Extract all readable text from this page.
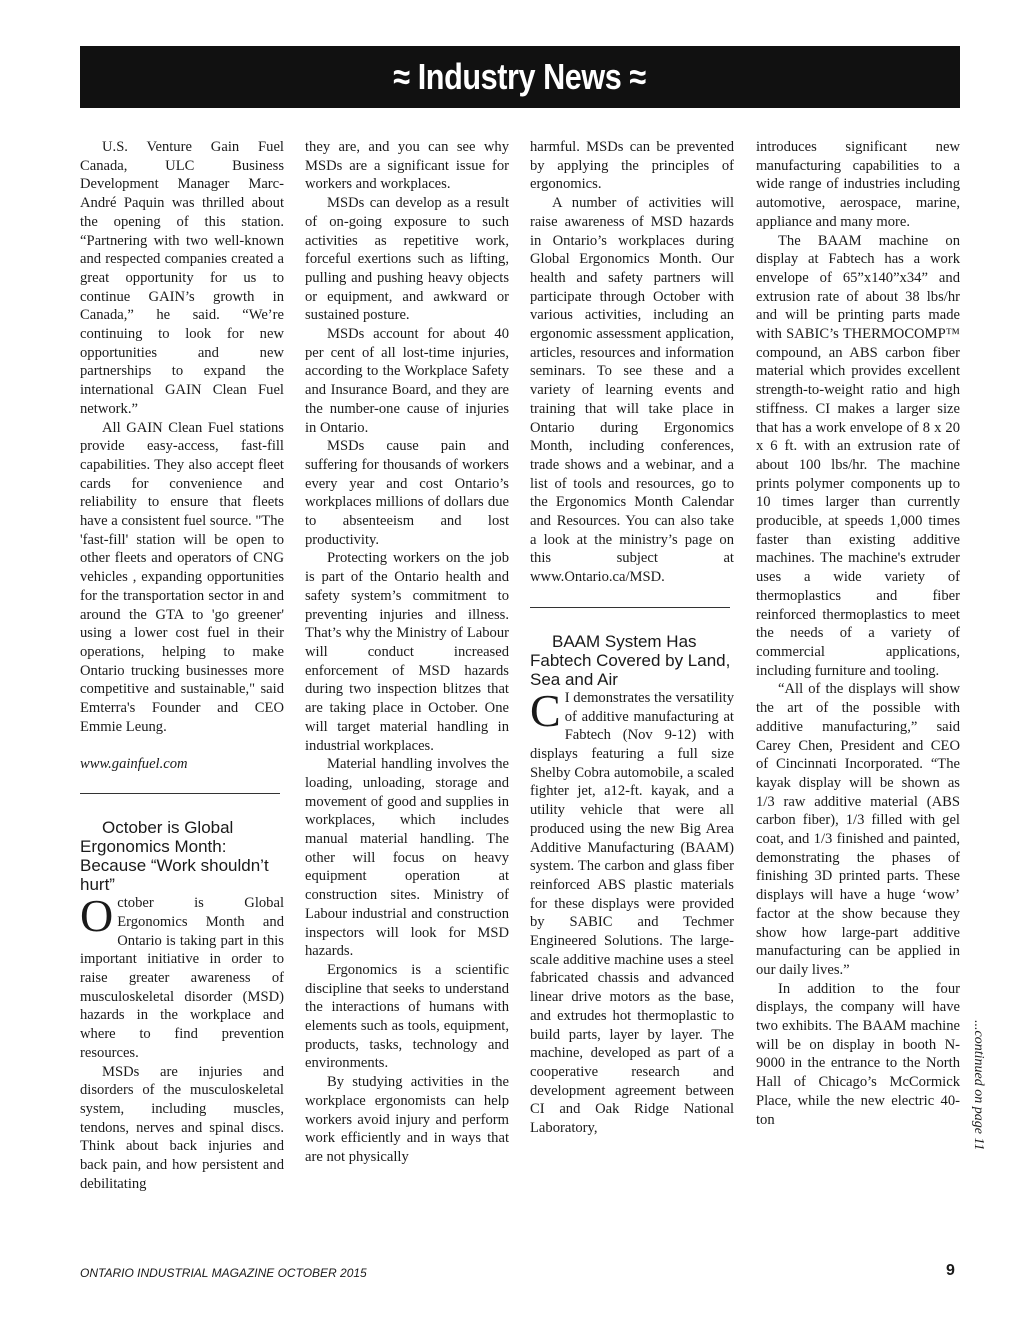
≈ Industry News ≈

U.S. Venture Gain Fuel Canada, ULC Business Development Manager Marc-André Paquin was thrilled about the opening of this station. “Partnering with two well-known and respected companies created a great opportunity for us to continue GAIN’s growth in Canada,” he said. “We’re continuing to look for new opportunities and new partnerships to expand the international GAIN Clean Fuel network.”

All GAIN Clean Fuel stations provide easy-access, fast-fill capabilities. They also accept fleet cards for convenience and reliability to ensure that fleets have a consistent fuel source. "The 'fast-fill' station will be open to other fleets and operators of CNG vehicles , expanding opportunities for the transportation sector in and around the GTA to 'go greener' using a lower cost fuel in their operations, helping to make Ontario trucking businesses more competitive and sustainable," said Emterra's Founder and CEO Emmie Leung.

www.gainfuel.com

October is Global Ergonomics Month: Because “Work shouldn’t hurt”

October is Global Ergonomics Month and Ontario is taking part in this important initiative in order to raise greater awareness of musculoskeletal disorder (MSD) hazards in the workplace and where to find prevention resources.

MSDs are injuries and disorders of the musculoskeletal system, including muscles, tendons, nerves and spinal discs. Think about back injuries and back pain, and how persistent and debilitating

they are, and you can see why MSDs are a significant issue for workers and workplaces.

MSDs can develop as a result of on-going exposure to such activities as repetitive work, forceful exertions such as lifting, pulling and pushing heavy objects or equipment, and awkward or sustained posture.

MSDs account for about 40 per cent of all lost-time injuries, according to the Workplace Safety and Insurance Board, and they are the number-one cause of injuries in Ontario.

MSDs cause pain and suffering for thousands of workers every year and cost Ontario’s workplaces millions of dollars due to absenteeism and lost productivity.

Protecting workers on the job is part of the Ontario health and safety system’s commitment to preventing injuries and illness. That’s why the Ministry of Labour will conduct increased enforcement of MSD hazards during two inspection blitzes that are taking place in October. One will target material handling in industrial workplaces.

Material handling involves the loading, unloading, storage and movement of good and supplies in workplaces, which includes manual material handling. The other will focus on heavy equipment operation at construction sites. Ministry of Labour industrial and construction inspectors will look for MSD hazards.

Ergonomics is a scientific discipline that seeks to understand the interactions of humans with elements such as tools, equipment, products, tasks, technology and environments.

By studying activities in the workplace ergonomists can help workers avoid injury and perform work efficiently and in ways that are not physically

harmful. MSDs can be prevented by applying the principles of ergonomics.

A number of activities will raise awareness of MSD hazards in Ontario’s workplaces during Global Ergonomics Month. Our health and safety partners will participate through October with various activities, including an ergonomic assessment application, articles, resources and information seminars. To see these and a variety of learning events and training that will take place in Ontario during Ergonomics Month, including conferences, trade shows and a webinar, and a list of tools and resources, go to the Ergonomics Month Calendar and Resources. You can also take a look at the ministry’s page on this subject at www.Ontario.ca/MSD.

BAAM System Has Fabtech Covered by Land, Sea and Air

C I demonstrates the versatility of additive manufacturing at Fabtech (Nov 9-12) with displays featuring a full size Shelby Cobra automobile, a scaled fighter jet, a12-ft. kayak, and a utility vehicle that were all produced using the new Big Area Additive Manufacturing (BAAM) system. The carbon and glass fiber reinforced ABS plastic materials for these displays were provided by SABIC and Techmer Engineered Solutions. The large-scale additive machine uses a steel fabricated chassis and advanced linear drive motors as the base, and extrudes hot thermoplastic to build parts, layer by layer. The machine, developed as part of a cooperative research and development agreement between CI and Oak Ridge National Laboratory,

introduces significant new manufacturing capabilities to a wide range of industries including automotive, aerospace, marine, appliance and many more.

The BAAM machine on display at Fabtech has a work envelope of 65”x140”x34” and extrusion rate of about 38 lbs/hr and will be printing parts made with SABIC’s THERMOCOMP™ compound, an ABS carbon fiber material which provides excellent strength-to-weight ratio and high stiffness. CI makes a larger size that has a work envelope of 8 x 20 x 6 ft. with an extrusion rate of about 100 lbs/hr. The machine prints polymer components up to 10 times larger than currently producible, at speeds 1,000 times faster than existing additive machines. The machine's extruder uses a wide variety of thermoplastics and fiber reinforced thermoplastics to meet the needs of a variety of commercial applications, including furniture and tooling.

“All of the displays will show the art of the possible with additive manufacturing,” said Carey Chen, President and CEO of Cincinnati Incorporated. “The kayak display will be shown as 1/3 raw additive material (ABS carbon fiber), 1/3 filled with gel coat, and 1/3 finished and painted, demonstrating the phases of finishing 3D printed parts. These displays will have a huge ‘wow’ factor at the show because they show how large-part additive manufacturing can be applied in our daily lives.”

In addition to the four displays, the company will have two exhibits. The BAAM machine will be on display in booth N-9000 in the entrance to the North Hall of Chicago’s McCormick Place, while the new electric 40-ton	...continued on page 11
ONTARIO INDUSTRIAL MAGAZINE OCTOBER 2015	9
